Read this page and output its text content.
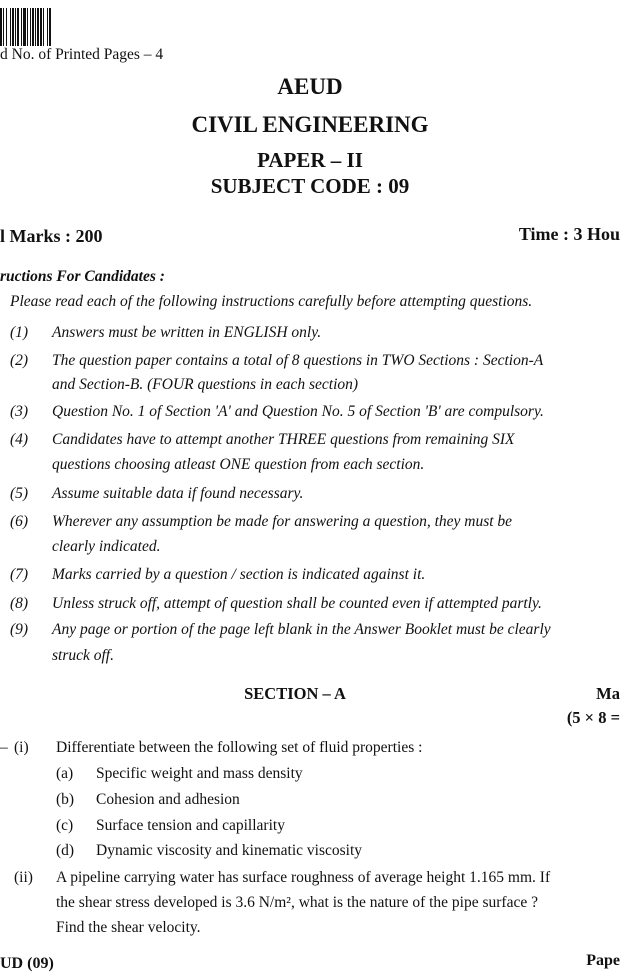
d No. of Printed Pages – 4
AEUD
CIVIL ENGINEERING
PAPER – II
SUBJECT CODE : 09
l Marks : 200	Time : 3 Hou
ructions For Candidates :
Please read each of the following instructions carefully before attempting questions.
(1)	Answers must be written in ENGLISH only.
(2)	The question paper contains a total of 8 questions in TWO Sections : Section-A
and Section-B. (FOUR questions in each section)
(3)	Question No. 1 of Section 'A' and Question No. 5 of Section 'B' are compulsory.
(4)	Candidates have to attempt another THREE questions from remaining SIX
questions choosing atleast ONE question from each section.
(5)	Assume suitable data if found necessary.
(6)	Wherever any assumption be made for answering a question, they must be
clearly indicated.
(7)	Marks carried by a question / section is indicated against it.
(8)	Unless struck off, attempt of question shall be counted even if attempted partly.
(9)	Any page or portion of the page left blank in the Answer Booklet must be clearly
struck off.
SECTION – A	Ma
(5 × 8 =
– (i) Differentiate between the following set of fluid properties :
(a) Specific weight and mass density
(b) Cohesion and adhesion
(c) Surface tension and capillarity
(d) Dynamic viscosity and kinematic viscosity
(ii) A pipeline carrying water has surface roughness of average height 1.165 mm. If
the shear stress developed is 3.6 N/m², what is the nature of the pipe surface ?
Find the shear velocity.
UD (09)	Pape
